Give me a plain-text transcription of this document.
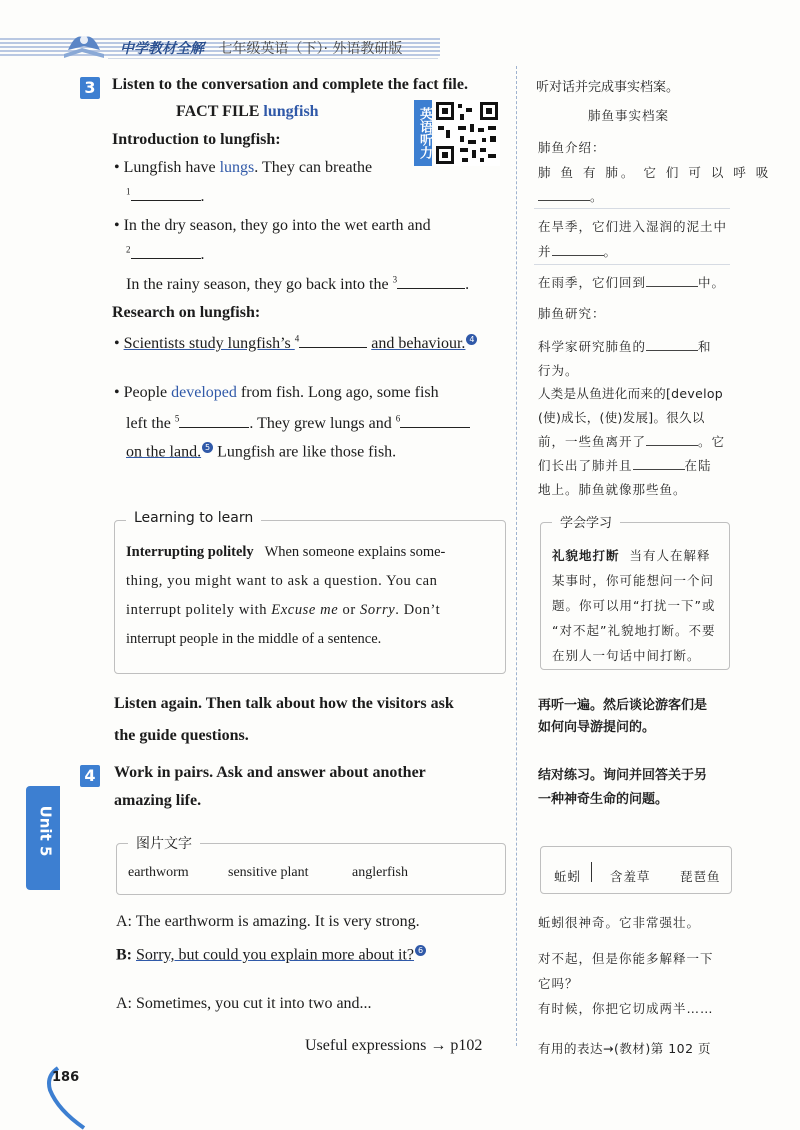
中学教材全解 七年级英语（下）· 外语教研版
3 Listen to the conversation and complete the fact file.
FACT FILE lungfish	英语听力
Introduction to lungfish:
• Lungfish have lungs. They can breathe
$^1$	.
• In the dry season, they go into the wet earth and
$^2$	.
In the rainy season, they go back into the $^3$	.
Research on lungfish:
• Scientists study lungfish’s $^4$	and behaviour. 4
• People developed from fish. Long ago, some fish
left the $^5$	. They grew lungs and $^6$
on the land. 5 Lungfish are like those fish.
Learning to learn
Interrupting politely When someone explains some-
thing, you might want to ask a question. You can
interrupt politely with Excuse me or Sorry. Don’t
interrupt people in the middle of a sentence.
Listen again. Then talk about how the visitors ask
the guide questions.
4 Work in pairs. Ask and answer about another
amazing life.
图片文字
earthworm	sensitive plant	anglerfish
A: The earthworm is amazing. It is very strong.
B: Sorry, but could you explain more about it? 6
A: Sometimes, you cut it into two and...
Useful expressions → p102
听对话并完成事实档案。
肺鱼事实档案
肺鱼介绍：
肺 鱼 有 肺。 它 们 可 以 呼 吸
。
在旱季，它们进入湿润的泥土中
并	。
在雨季，它们回到	中。
肺鱼研究：
科学家研究肺鱼的	和
行为。
人类是从鱼进化而来的[develop
(使)成长，(使)发展]。很久以
前，一些鱼离开了	。它
们长出了肺并且	在陆
地上。肺鱼就像那些鱼。
学会学习
礼貌地打断 当有人在解释
某事时，你可能想问一个问
题。你可以用“打扰一下”或
“对不起”礼貌地打断。不要
在别人一句话中间打断。
再听一遍。然后谈论游客们是
如何向导游提问的。
结对练习。询问并回答关于另
一种神奇生命的问题。
蚯蚓 含羞草 琵琶鱼
蚯蚓很神奇。它非常强壮。
对不起，但是你能多解释一下
它吗？
有时候，你把它切成两半……
有用的表达→(教材)第 102 页
Unit 5
186
